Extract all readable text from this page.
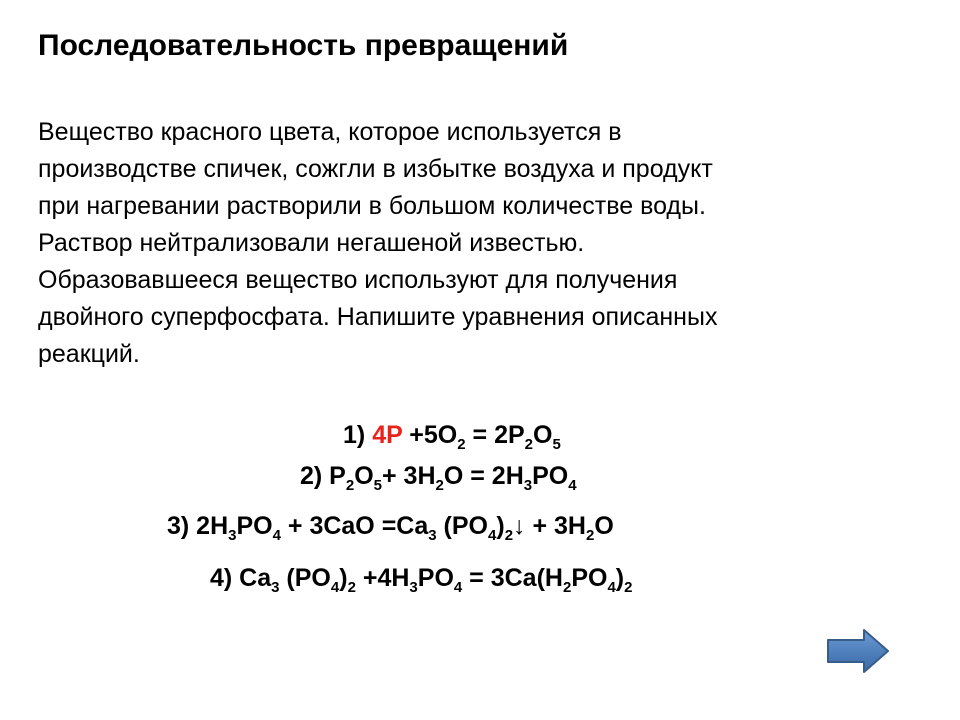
Последовательность превращений
Вещество красного цвета, которое используется в
производстве спичек, сожгли в избытке воздуха и продукт
при нагревании растворили в большом количестве воды.
Раствор нейтрализовали негашеной известью.
Образовавшееся вещество используют для получения
двойного суперфосфата. Напишите уравнения описанных
реакций.
1) $4P +5O_2 = 2P_2O_5$
2) $P_2O_5+ 3H_2O = 2H_3PO_4$
3) $2H_3PO_4 + 3CaO =Ca_3$ $(PO_4)_2↓ + 3H_2O$
4) $Ca_3$ $(PO_4)_2 +4H_3PO_4 = 3Ca(H_2PO_4)_2$
